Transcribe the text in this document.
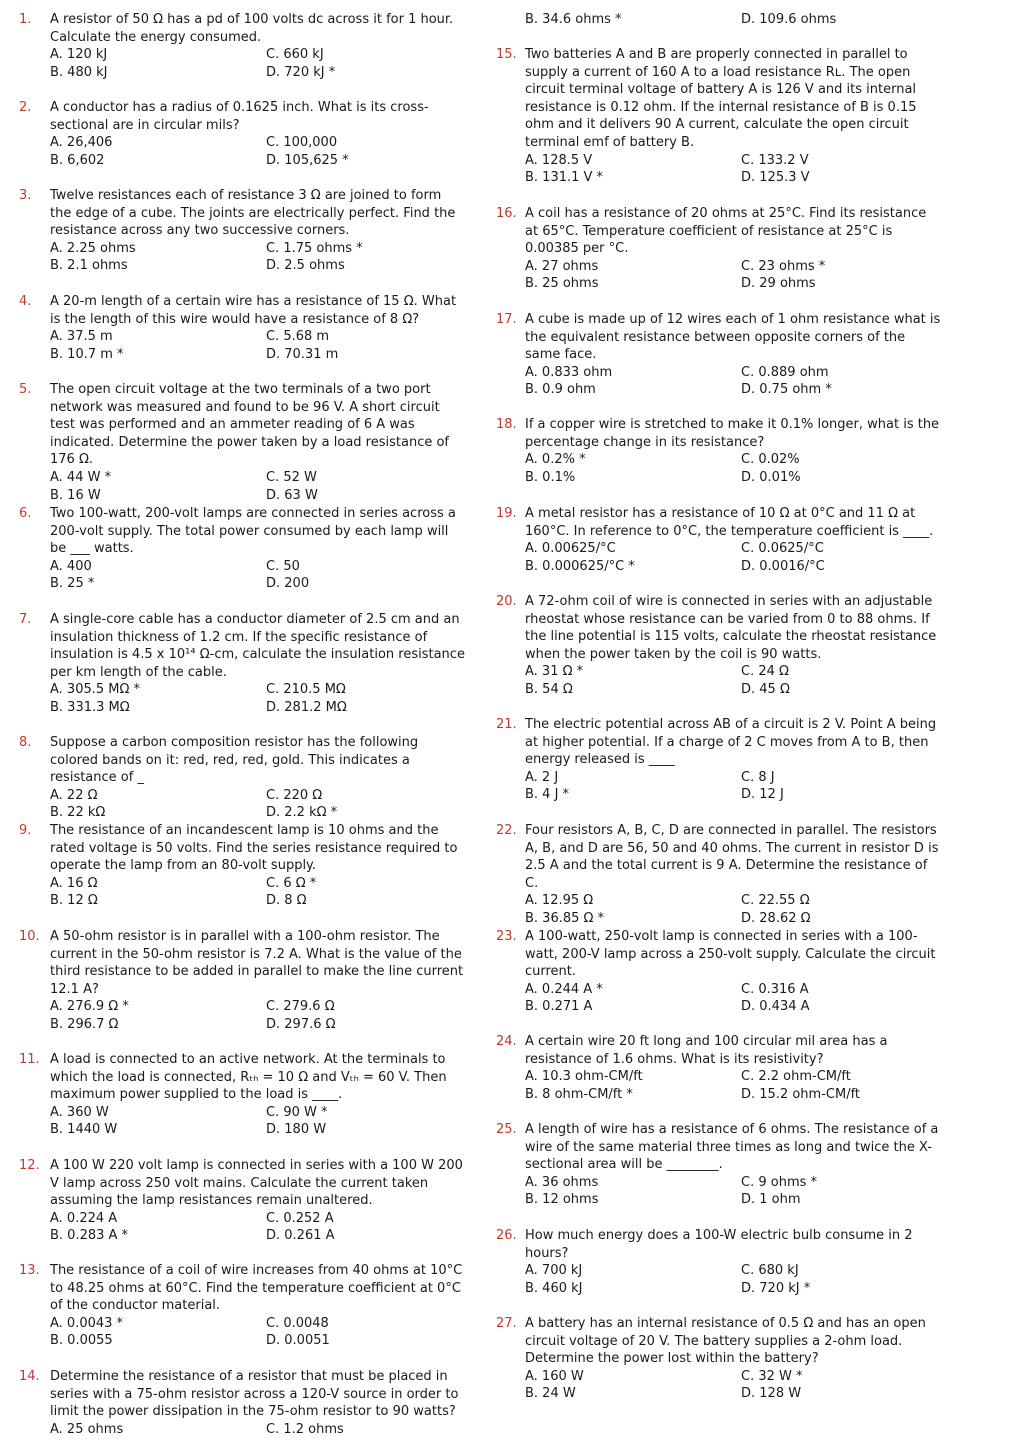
1. A resistor of 50 Ω has a pd of 100 volts dc across it for 1 hour. Calculate the energy consumed.
A. 120 kJ	C. 660 kJ
B. 480 kJ	D. 720 kJ *
2. A conductor has a radius of 0.1625 inch. What is its cross-sectional are in circular mils?
A. 26,406	C. 100,000
B. 6,602	D. 105,625 *
3. Twelve resistances each of resistance 3 Ω are joined to form the edge of a cube. The joints are electrically perfect. Find the resistance across any two successive corners.
A. 2.25 ohms	C. 1.75 ohms *
B. 2.1 ohms	D. 2.5 ohms
4. A 20-m length of a certain wire has a resistance of 15 Ω. What is the length of this wire would have a resistance of 8 Ω?
A. 37.5 m	C. 5.68 m
B. 10.7 m *	D. 70.31 m
5. The open circuit voltage at the two terminals of a two port network was measured and found to be 96 V. A short circuit test was performed and an ammeter reading of 6 A was indicated. Determine the power taken by a load resistance of 176 Ω.
A. 44 W *	C. 52 W
B. 16 W	D. 63 W
6. Two 100-watt, 200-volt lamps are connected in series across a 200-volt supply. The total power consumed by each lamp will be ___ watts.
A. 400	C. 50
B. 25 *	D. 200
7. A single-core cable has a conductor diameter of 2.5 cm and an insulation thickness of 1.2 cm. If the specific resistance of insulation is 4.5 x 10¹⁴ Ω-cm, calculate the insulation resistance per km length of the cable.
A. 305.5 MΩ *	C. 210.5 MΩ
B. 331.3 MΩ	D. 281.2 MΩ
8. Suppose a carbon composition resistor has the following colored bands on it: red, red, red, gold. This indicates a resistance of _
A. 22 Ω	C. 220 Ω
B. 22 kΩ	D. 2.2 kΩ *
9. The resistance of an incandescent lamp is 10 ohms and the rated voltage is 50 volts. Find the series resistance required to operate the lamp from an 80-volt supply.
A. 16 Ω	C. 6 Ω *
B. 12 Ω	D. 8 Ω
10. A 50-ohm resistor is in parallel with a 100-ohm resistor. The current in the 50-ohm resistor is 7.2 A. What is the value of the third resistance to be added in parallel to make the line current 12.1 A?
A. 276.9 Ω *	C. 279.6 Ω
B. 296.7 Ω	D. 297.6 Ω
11. A load is connected to an active network. At the terminals to which the load is connected, Rₜₕ = 10 Ω and Vₜₕ = 60 V. Then maximum power supplied to the load is ____.
A. 360 W	C. 90 W *
B. 1440 W	D. 180 W
12. A 100 W 220 volt lamp is connected in series with a 100 W 200 V lamp across 250 volt mains. Calculate the current taken assuming the lamp resistances remain unaltered.
A. 0.224 A	C. 0.252 A
B. 0.283 A *	D. 0.261 A
13. The resistance of a coil of wire increases from 40 ohms at 10°C to 48.25 ohms at 60°C. Find the temperature coefficient at 0°C of the conductor material.
A. 0.0043 *	C. 0.0048
B. 0.0055	D. 0.0051
14. Determine the resistance of a resistor that must be placed in series with a 75-ohm resistor across a 120-V source in order to limit the power dissipation in the 75-ohm resistor to 90 watts?
A. 25 ohms	C. 1.2 ohms
B. 34.6 ohms *	D. 109.6 ohms
15. Two batteries A and B are properly connected in parallel to supply a current of 160 A to a load resistance Rʟ. The open circuit terminal voltage of battery A is 126 V and its internal resistance is 0.12 ohm. If the internal resistance of B is 0.15 ohm and it delivers 90 A current, calculate the open circuit terminal emf of battery B.
A. 128.5 V	C. 133.2 V
B. 131.1 V *	D. 125.3 V
16. A coil has a resistance of 20 ohms at 25°C. Find its resistance at 65°C. Temperature coefficient of resistance at 25°C is 0.00385 per °C.
A. 27 ohms	C. 23 ohms *
B. 25 ohms	D. 29 ohms
17. A cube is made up of 12 wires each of 1 ohm resistance what is the equivalent resistance between opposite corners of the same face.
A. 0.833 ohm	C. 0.889 ohm
B. 0.9 ohm	D. 0.75 ohm *
18. If a copper wire is stretched to make it 0.1% longer, what is the percentage change in its resistance?
A. 0.2% *	C. 0.02%
B. 0.1%	D. 0.01%
19. A metal resistor has a resistance of 10 Ω at 0°C and 11 Ω at 160°C. In reference to 0°C, the temperature coefficient is ____.
A. 0.00625/°C	C. 0.0625/°C
B. 0.000625/°C *	D. 0.0016/°C
20. A 72-ohm coil of wire is connected in series with an adjustable rheostat whose resistance can be varied from 0 to 88 ohms. If the line potential is 115 volts, calculate the rheostat resistance when the power taken by the coil is 90 watts.
A. 31 Ω *	C. 24 Ω
B. 54 Ω	D. 45 Ω
21. The electric potential across AB of a circuit is 2 V. Point A being at higher potential. If a charge of 2 C moves from A to B, then energy released is ____
A. 2 J	C. 8 J
B. 4 J *	D. 12 J
22. Four resistors A, B, C, D are connected in parallel. The resistors A, B, and D are 56, 50 and 40 ohms. The current in resistor D is 2.5 A and the total current is 9 A. Determine the resistance of C.
A. 12.95 Ω	C. 22.55 Ω
B. 36.85 Ω *	D. 28.62 Ω
23. A 100-watt, 250-volt lamp is connected in series with a 100-watt, 200-V lamp across a 250-volt supply. Calculate the circuit current.
A. 0.244 A *	C. 0.316 A
B. 0.271 A	D. 0.434 A
24. A certain wire 20 ft long and 100 circular mil area has a resistance of 1.6 ohms. What is its resistivity?
A. 10.3 ohm-CM/ft	C. 2.2 ohm-CM/ft
B. 8 ohm-CM/ft *	D. 15.2 ohm-CM/ft
25. A length of wire has a resistance of 6 ohms. The resistance of a wire of the same material three times as long and twice the X-sectional area will be ________.
A. 36 ohms	C. 9 ohms *
B. 12 ohms	D. 1 ohm
26. How much energy does a 100-W electric bulb consume in 2 hours?
A. 700 kJ	C. 680 kJ
B. 460 kJ	D. 720 kJ *
27. A battery has an internal resistance of 0.5 Ω and has an open circuit voltage of 20 V. The battery supplies a 2-ohm load. Determine the power lost within the battery?
A. 160 W	C. 32 W *
B. 24 W	D. 128 W
